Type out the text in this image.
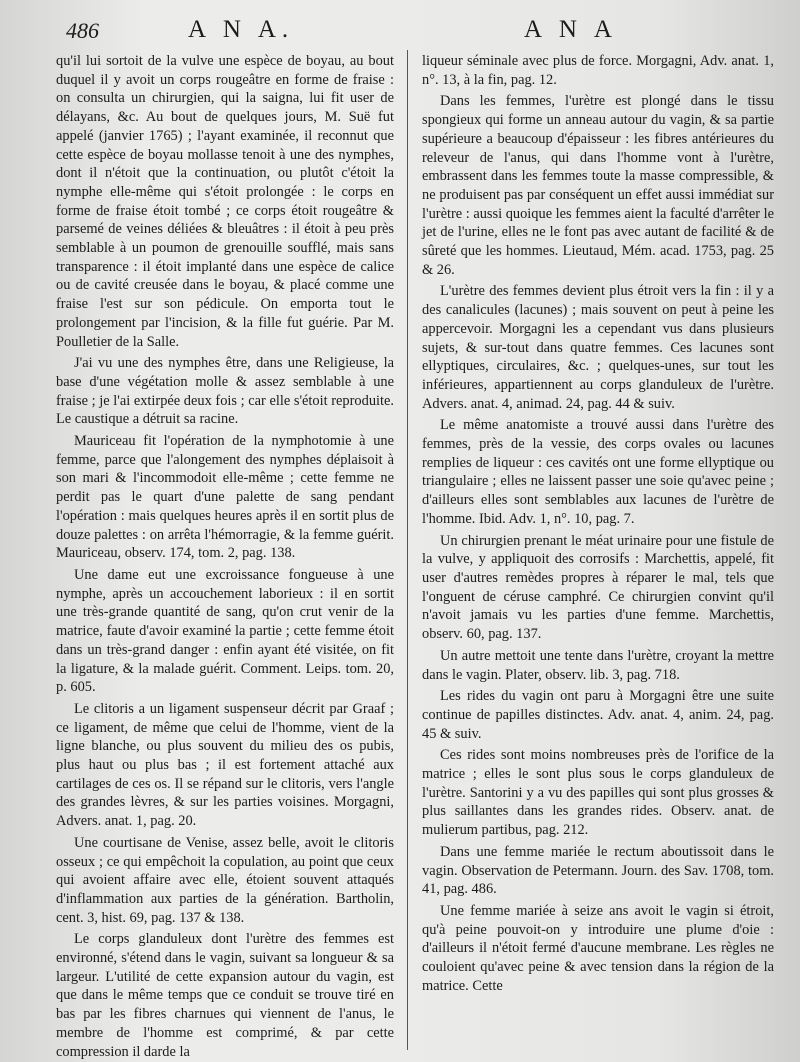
486	A N A.	A N A

qu'il lui sortoit de la vulve une espèce de boyau, au bout duquel il y avoit un corps rougeâtre en forme de fraise : on consulta un chirurgien, qui la saigna, lui fit user de délayans, &c. Au bout de quelques jours, M. Suë fut appelé (janvier 1765) ; l'ayant examinée, il reconnut que cette espèce de boyau mollasse tenoit à une des nymphes, dont il n'étoit que la continuation, ou plutôt c'étoit la nymphe elle-même qui s'étoit prolongée : le corps en forme de fraise étoit tombé ; ce corps étoit rougeâtre & parsemé de veines déliées & bleuâtres : il étoit à peu près semblable à un poumon de grenouille soufflé, mais sans transparence : il étoit implanté dans une espèce de calice ou de cavité creusée dans le boyau, & placé comme une fraise l'est sur son pédicule. On emporta tout le prolongement par l'incision, & la fille fut guérie. Par M. Poulletier de la Salle.

J'ai vu une des nymphes être, dans une Religieuse, la base d'une végétation molle & assez semblable à une fraise ; je l'ai extirpée deux fois ; car elle s'étoit reproduite. Le caustique a détruit sa racine.

Mauriceau fit l'opération de la nymphotomie à une femme, parce que l'alongement des nymphes déplaisoit à son mari & l'incommodoit elle-même ; cette femme ne perdit pas le quart d'une palette de sang pendant l'opération : mais quelques heures après il en sortit plus de douze palettes : on arrêta l'hémorragie, & la femme guérit. Mauriceau, observ. 174, tom. 2, pag. 138.

Une dame eut une excroissance fongueuse à une nymphe, après un accouchement laborieux : il en sortit une très-grande quantité de sang, qu'on crut venir de la matrice, faute d'avoir examiné la partie ; cette femme étoit dans un très-grand danger : enfin ayant été visitée, on fit la ligature, & la malade guérit. Comment. Leips. tom. 20, p. 605.

Le clitoris a un ligament suspenseur décrit par Graaf ; ce ligament, de même que celui de l'homme, vient de la ligne blanche, ou plus souvent du milieu des os pubis, plus haut ou plus bas ; il est fortement attaché aux cartilages de ces os. Il se répand sur le clitoris, vers l'angle des grandes lèvres, & sur les parties voisines. Morgagni, Advers. anat. 1, pag. 20.

Une courtisane de Venise, assez belle, avoit le clitoris osseux ; ce qui empêchoit la copulation, au point que ceux qui avoient affaire avec elle, étoient souvent attaqués d'inflammation aux parties de la génération. Bartholin, cent. 3, hist. 69, pag. 137 & 138.

Le corps glanduleux dont l'urètre des femmes est environné, s'étend dans le vagin, suivant sa longueur & sa largeur. L'utilité de cette expansion autour du vagin, est que dans le même temps que ce conduit se trouve tiré en bas par les fibres charnues qui viennent de l'anus, le membre de l'homme est comprimé, & par cette compression il darde la

liqueur séminale avec plus de force. Morgagni, Adv. anat. 1, n°. 13, à la fin, pag. 12.

Dans les femmes, l'urètre est plongé dans le tissu spongieux qui forme un anneau autour du vagin, & sa partie supérieure a beaucoup d'épaisseur : les fibres antérieures du releveur de l'anus, qui dans l'homme vont à l'urètre, embrassent dans les femmes toute la masse compressible, & ne produisent pas par conséquent un effet aussi immédiat sur l'urètre : aussi quoique les femmes aient la faculté d'arrêter le jet de l'urine, elles ne le font pas avec autant de facilité & de sûreté que les hommes. Lieutaud, Mém. acad. 1753, pag. 25 & 26.

L'urètre des femmes devient plus étroit vers la fin : il y a des canalicules (lacunes) ; mais souvent on peut à peine les appercevoir. Morgagni les a cependant vus dans plusieurs sujets, & sur-tout dans quatre femmes. Ces lacunes sont ellyptiques, circulaires, &c. ; quelques-unes, sur tout les inférieures, appartiennent au corps glanduleux de l'urètre. Advers. anat. 4, animad. 24, pag. 44 & suiv.

Le même anatomiste a trouvé aussi dans l'urètre des femmes, près de la vessie, des corps ovales ou lacunes remplies de liqueur : ces cavités ont une forme ellyptique ou triangulaire ; elles ne laissent passer une soie qu'avec peine ; d'ailleurs elles sont semblables aux lacunes de l'urètre de l'homme. Ibid. Adv. 1, n°. 10, pag. 7.

Un chirurgien prenant le méat urinaire pour une fistule de la vulve, y appliquoit des corrosifs : Marchettis, appelé, fit user d'autres remèdes propres à réparer le mal, tels que l'onguent de céruse camphré. Ce chirurgien convint qu'il n'avoit jamais vu les parties d'une femme. Marchettis, observ. 60, pag. 137.

Un autre mettoit une tente dans l'urètre, croyant la mettre dans le vagin. Plater, observ. lib. 3, pag. 718.

Les rides du vagin ont paru à Morgagni être une suite continue de papilles distinctes. Adv. anat. 4, anim. 24, pag. 45 & suiv.

Ces rides sont moins nombreuses près de l'orifice de la matrice ; elles le sont plus sous le corps glanduleux de l'urètre. Santorini y a vu des papilles qui sont plus grosses & plus saillantes dans les grandes rides. Observ. anat. de mulierum partibus, pag. 212.

Dans une femme mariée le rectum aboutissoit dans le vagin. Observation de Petermann. Journ. des Sav. 1708, tom. 41, pag. 486.

Une femme mariée à seize ans avoit le vagin si étroit, qu'à peine pouvoit-on y introduire une plume d'oie : d'ailleurs il n'étoit fermé d'aucune membrane. Les règles ne couloient qu'avec peine & avec tension dans la région de la matrice. Cette
